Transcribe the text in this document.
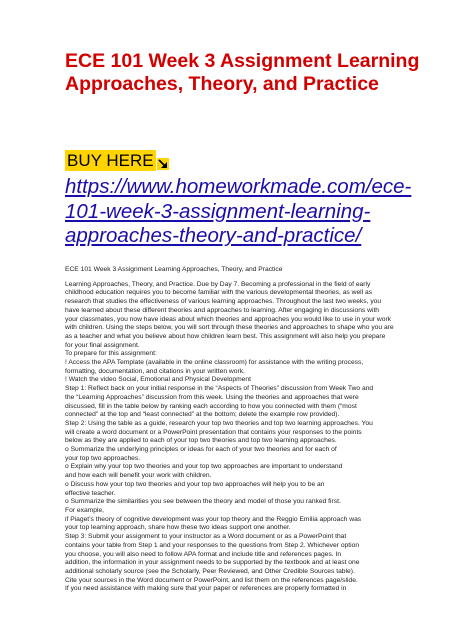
ECE 101 Week 3 Assignment Learning Approaches, Theory, and Practice
BUY HERE
https://www.homeworkmade.com/ece-101-week-3-assignment-learning-approaches-theory-and-practice/
ECE 101 Week 3 Assignment Learning Approaches, Theory, and Practice
Learning Approaches, Theory, and Practice. Due by Day 7. Becoming a professional in the field of early
childhood education requires you to become familiar with the various developmental theories, as well as
research that studies the effectiveness of various learning approaches. Throughout the last two weeks, you
have learned about these different theories and approaches to learning. After engaging in discussions with
your classmates, you now have ideas about which theories and approaches you would like to use in your work
with children. Using the steps below, you will sort through these theories and approaches to shape who you are
as a teacher and what you believe about how children learn best. This assignment will also help you prepare
for your final assignment.
To prepare for this assignment:
! Access the APA Template (available in the online classroom) for assistance with the writing process,
formatting, documentation, and citations in your written work.
! Watch the video Social, Emotional and Physical Development
Step 1: Reflect back on your initial response in the “Aspects of Theories” discussion from Week Two and
the “Learning Approaches” discussion from this week. Using the theories and approaches that were
discussed, fill in the table below by ranking each according to how you connected with them (“most
connected” at the top and “least connected” at the bottom; delete the example row provided).
Step 2: Using the table as a guide, research your top two theories and top two learning approaches. You
will create a word document or a PowerPoint presentation that contains your responses to the points
below as they are applied to each of your top two theories and top two learning approaches.
o Summarize the underlying principles or ideas for each of your two theories and for each of
your top two approaches.
o Explain why your top two theories and your top two approaches are important to understand
and how each will benefit your work with children.
o Discuss how your top two theories and your top two approaches will help you to be an
effective teacher.
o Summarize the similarities you see between the theory and model of those you ranked first.
For example,
if Piaget’s theory of cognitive development was your top theory and the Reggio Emilia approach was
your top learning approach, share how these two ideas support one another.
Step 3: Submit your assignment to your instructor as a Word document or as a PowerPoint that
contains your table from Step 1 and your responses to the questions from Step 2. Whichever option
you choose, you will also need to follow APA format and include title and references pages. In
addition, the information in your assignment needs to be supported by the textbook and at least one
additional scholarly source (see the Scholarly, Peer Reviewed, and Other Credible Sources table).
Cite your sources in the Word document or PowerPoint, and list them on the references page/slide.
If you need assistance with making sure that your paper or references are properly formatted in
